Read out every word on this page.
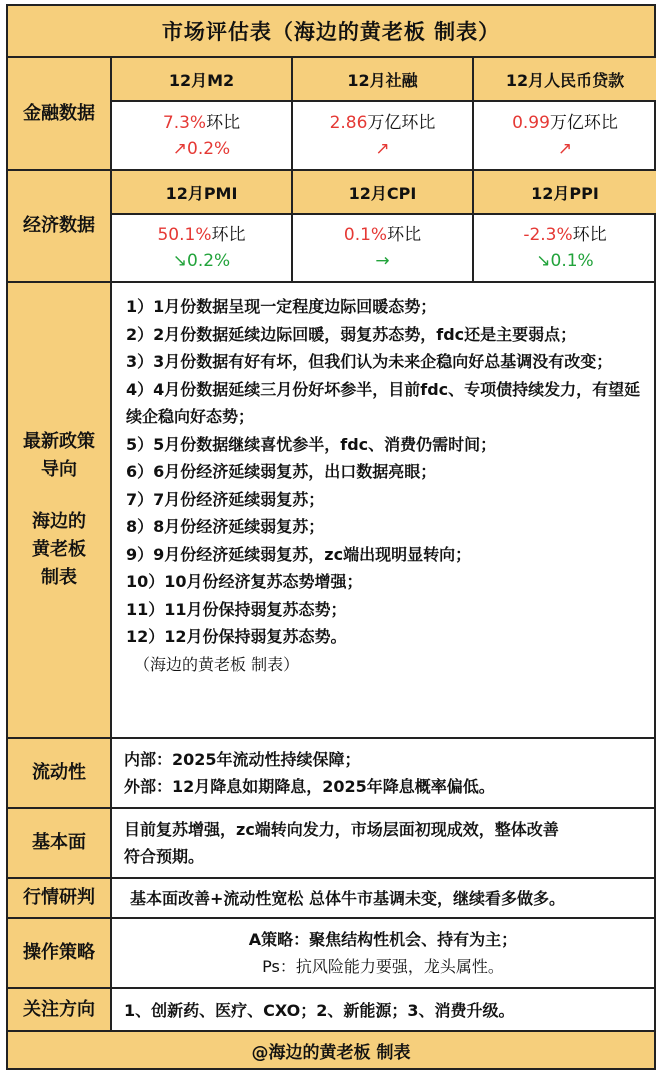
市场评估表（海边的黄老板 制表）
金融数据
12月M2
7.3%环比
↗0.2%
12月社融
2.86万亿环比
↗
12月人民币贷款
0.99万亿环比
↗
经济数据
12月PMI
50.1%环比
↘0.2%
12月CPI
0.1%环比
→
12月PPI
-2.3%环比
↘0.1%
最新政策导向
海边的黄老板制表

1）1月份数据呈现一定程度边际回暖态势；

2）2月份数据延续边际回暖，弱复苏态势，fdc还是主要弱点；

3）3月份数据有好有坏，但我们认为未来企稳向好总基调没有改变；

4）4月份数据延续三月份好坏参半，目前fdc、专项债持续发力，有望延续企稳向好态势；

5）5月份数据继续喜忧参半，fdc、消费仍需时间；

6）6月份经济延续弱复苏，出口数据亮眼；

7）7月份经济延续弱复苏；

8）8月份经济延续弱复苏；

9）9月份经济延续弱复苏，zc端出现明显转向；

10）10月份经济复苏态势增强；

11）11月份保持弱复苏态势；

12）12月份保持弱复苏态势。

（海边的黄老板 制表）

流动性
内部：2025年流动性持续保障；
外部：12月降息如期降息，2025年降息概率偏低。
基本面
目前复苏增强，zc端转向发力，市场层面初现成效，整体改善
符合预期。
行情研判	基本面改善+流动性宽松 总体牛市基调未变，继续看多做多。
操作策略
A策略：聚焦结构性机会、持有为主；
Ps：抗风险能力要强，龙头属性。
关注方向	1、创新药、医疗、CXO；2、新能源；3、消费升级。
@海边的黄老板 制表
